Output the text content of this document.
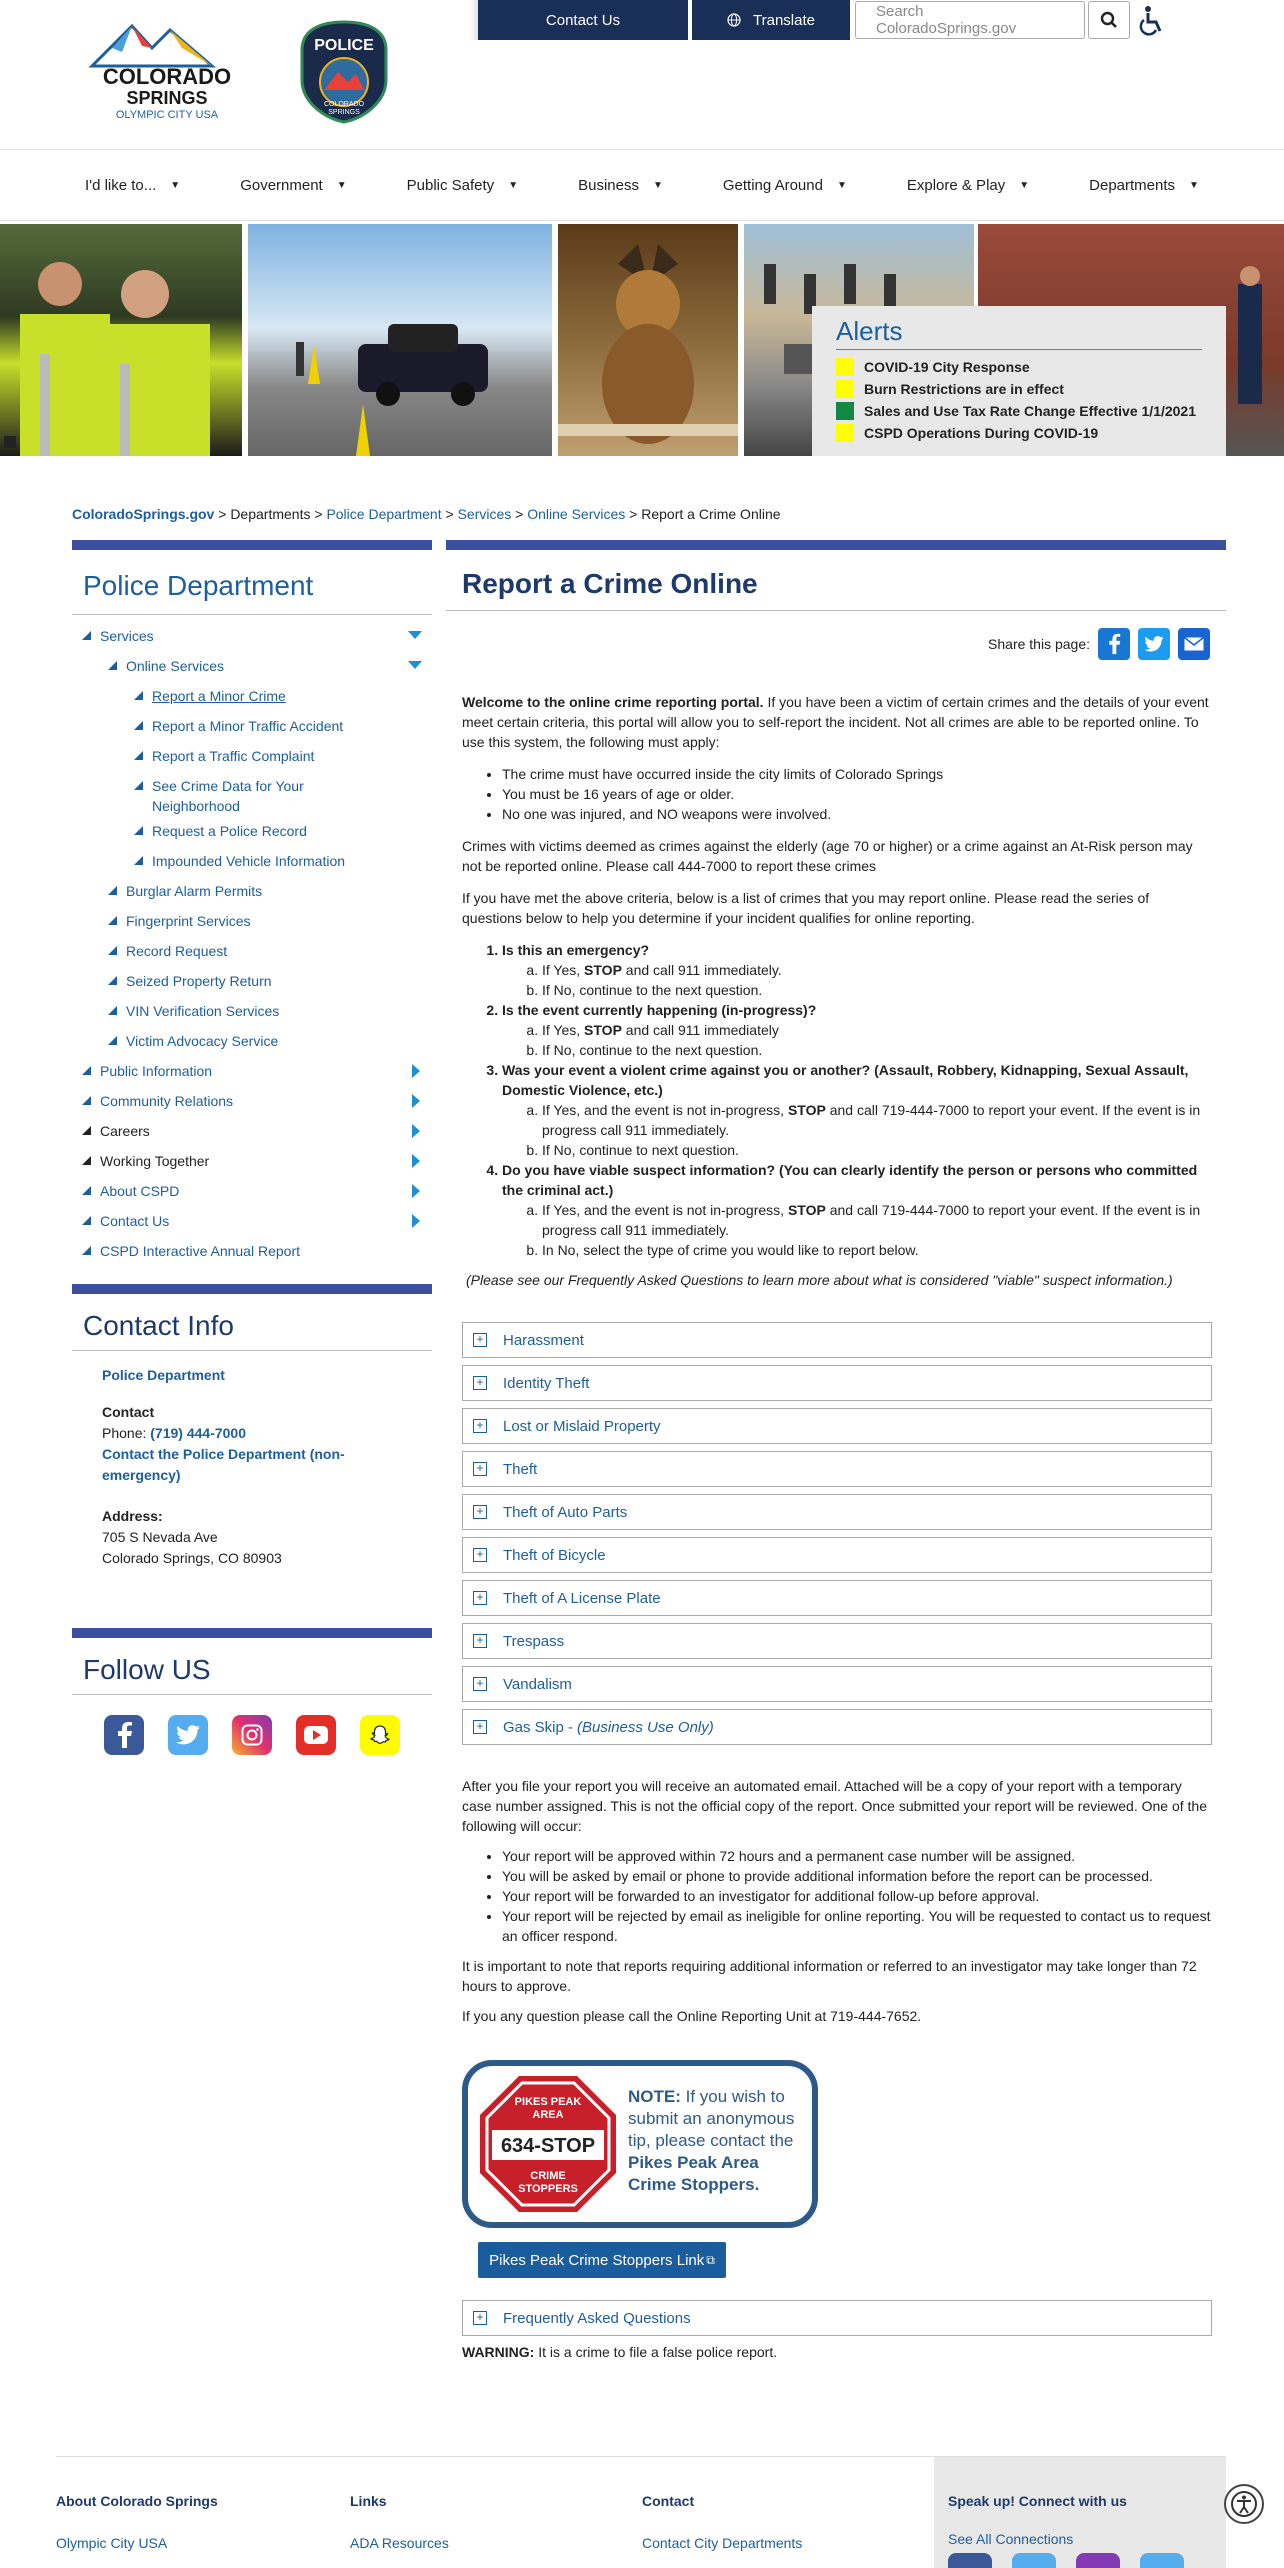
COLORADO
SPRINGS
OLYMPIC CITY USA
POLICE
COLORADO
SPRINGS
Contact Us	Translate	Search ColoradoSprings.gov
I'd like to... ▼	Government ▼	Public Safety ▼	Business ▼	Getting Around ▼	Explore & Play ▼	Departments ▼
Alerts
COVID-19 City Response
Burn Restrictions are in effect
Sales and Use Tax Rate Change Effective 1/1/2021
CSPD Operations During COVID-19
ColoradoSprings.gov > Departments > Police Department > Services > Online Services > Report a Crime Online
Police Department
Services
Online Services
Report a Minor Crime
Report a Minor Traffic Accident
Report a Traffic Complaint
See Crime Data for Your Neighborhood
Request a Police Record
Impounded Vehicle Information
Burglar Alarm Permits
Fingerprint Services
Record Request
Seized Property Return
VIN Verification Services
Victim Advocacy Service
Public Information
Community Relations
Careers
Working Together
About CSPD
Contact Us
CSPD Interactive Annual Report
Contact Info
Police Department
Contact
Phone: (719) 444-7000
Contact the Police Department (non-emergency)
Address:
705 S Nevada Ave
Colorado Springs, CO 80903
Follow US
Report a Crime Online
Share this page:

Welcome to the online crime reporting portal. If you have been a victim of certain crimes and the details of your event meet certain criteria, this portal will allow you to self-report the incident. Not all crimes are able to be reported online. To use this system, the following must apply:

• The crime must have occurred inside the city limits of Colorado Springs
• You must be 16 years of age or older.
• No one was injured, and NO weapons were involved.

Crimes with victims deemed as crimes against the elderly (age 70 or higher) or a crime against an At-Risk person may not be reported online. Please call 444-7000 to report these crimes

If you have met the above criteria, below is a list of crimes that you may report online. Please read the series of questions below to help you determine if your incident qualifies for online reporting.

1. Is this an emergency?
a. If Yes, STOP and call 911 immediately.
b. If No, continue to the next question.
2. Is the event currently happening (in-progress)?
a. If Yes, STOP and call 911 immediately
b. If No, continue to the next question.
3. Was your event a violent crime against you or another? (Assault, Robbery, Kidnapping, Sexual Assault, Domestic Violence, etc.)
a. If Yes, and the event is not in-progress, STOP and call 719-444-7000 to report your event. If the event is in progress call 911 immediately.
b. If No, continue to next question.
4. Do you have viable suspect information? (You can clearly identify the person or persons who committed the criminal act.)
a. If Yes, and the event is not in-progress, STOP and call 719-444-7000 to report your event. If the event is in progress call 911 immediately.
b. In No, select the type of crime you would like to report below.

(Please see our Frequently Asked Questions to learn more about what is considered "viable" suspect information.)

+ Harassment
+ Identity Theft
+ Lost or Mislaid Property
+ Theft
+ Theft of Auto Parts
+ Theft of Bicycle
+ Theft of A License Plate
+ Trespass
+ Vandalism
+ Gas Skip - (Business Use Only)

After you file your report you will receive an automated email. Attached will be a copy of your report with a temporary case number assigned. This is not the official copy of the report. Once submitted your report will be reviewed. One of the following will occur:

• Your report will be approved within 72 hours and a permanent case number will be assigned.
• You will be asked by email or phone to provide additional information before the report can be processed.
• Your report will be forwarded to an investigator for additional follow-up before approval.
• Your report will be rejected by email as ineligible for online reporting. You will be requested to contact us to request an officer respond.

It is important to note that reports requiring additional information or referred to an investigator may take longer than 72 hours to approve.

If you any question please call the Online Reporting Unit at 719-444-7652.

PIKES PEAK AREA
634-STOP
CRIME STOPPERS
NOTE: If you wish to submit an anonymous tip, please contact the Pikes Peak Area Crime Stoppers.
Pikes Peak Crime Stoppers Link ⧉
+ Frequently Asked Questions
WARNING: It is a crime to file a false police report.
About Colorado Springs
Olympic City USA
Links
ADA Resources
Contact
Contact City Departments
Speak up! Connect with us
See All Connections
